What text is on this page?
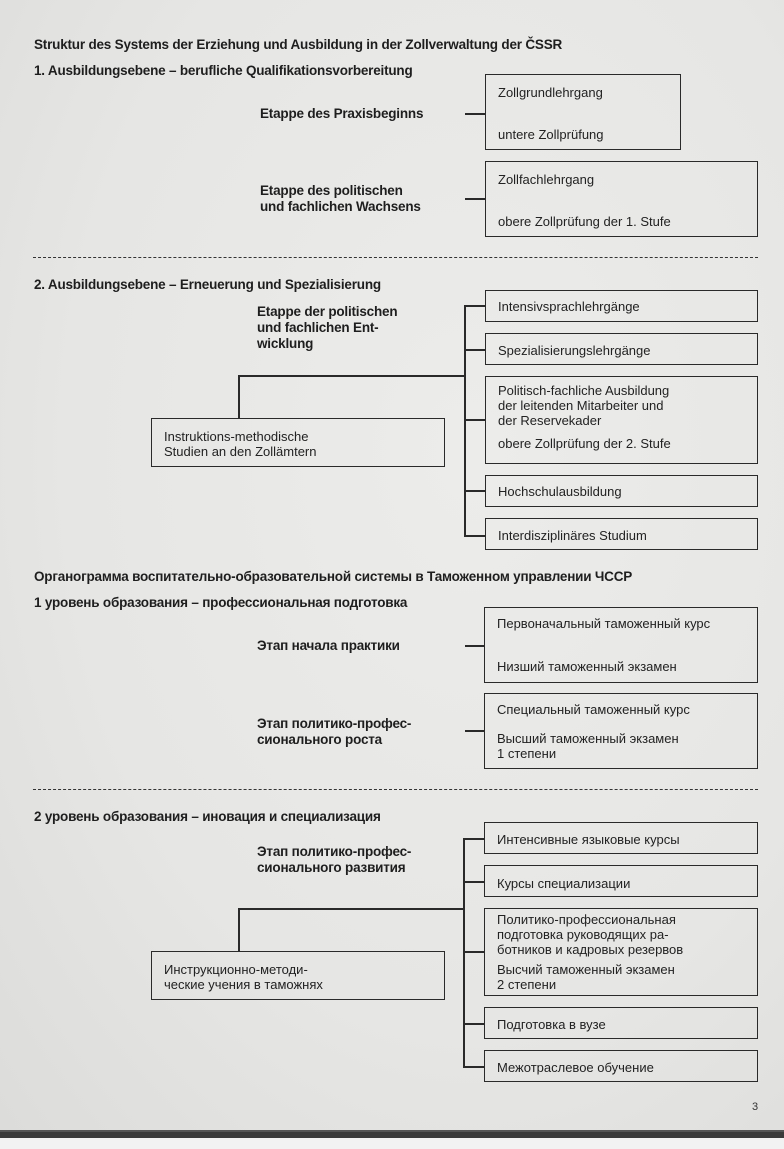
Struktur des Systems der Erziehung und Ausbildung in der Zollverwaltung der ČSSR
1. Ausbildungsebene – berufliche Qualifikationsvorbereitung
Etappe des Praxisbeginns
Zollgrundlehrgang
untere Zollprüfung
Etappe des politischen
und fachlichen Wachsens
Zollfachlehrgang
obere Zollprüfung der 1. Stufe
2. Ausbildungsebene – Erneuerung und Spezialisierung
Etappe der politischen
und fachlichen Ent-
wicklung
Instruktions-methodische
Studien an den Zollämtern
Intensivsprachlehrgänge
Spezialisierungslehrgänge
Politisch-fachliche Ausbildung
der leitenden Mitarbeiter und
der Reservekader
obere Zollprüfung der 2. Stufe
Hochschulausbildung
Interdisziplinäres Studium
Органограмма воспитательно-образовательной системы в Таможенном управлении ЧССР
1 уровень образования – профессиональная подготовка
Этап начала практики
Первоначальный таможенный курс
Низший таможенный экзамен
Этап политико-профес-
сионального роста
Специальный таможенный курс
Высший таможенный экзамен
1 степени
2 уровень образования – иновация и специализация
Этап политико-профес-
сионального развития
Инструкционно-методи-
ческие учения в таможнях
Интенсивные языковые курсы
Курсы специализации
Политико-профессиональная
подготовка руководящих ра-
ботников и кадровых резервов
Высчий таможенный экзамен
2 степени
Подготовка в вузе
Межотраслевое обучение
3
